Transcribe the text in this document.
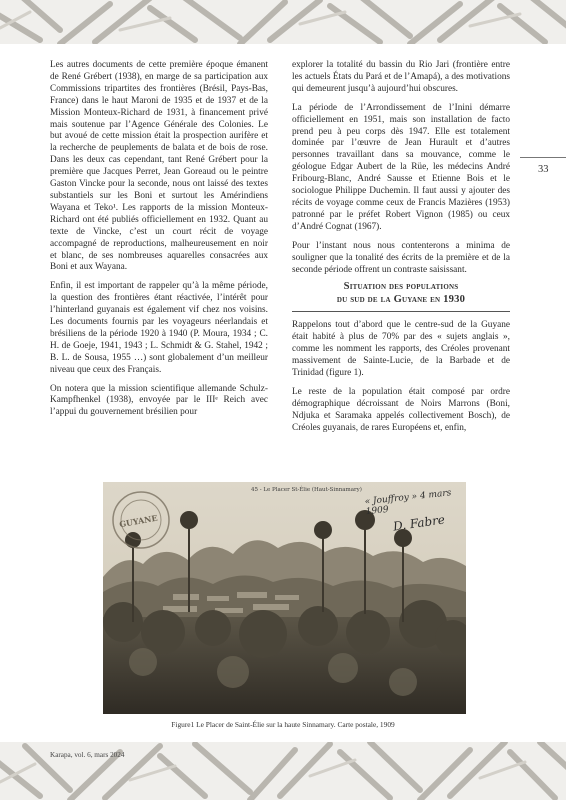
33

Les autres documents de cette première époque émanent de René Grébert (1938), en marge de sa participation aux Commissions tripartites des frontières (Brésil, Pays-Bas, France) dans le haut Maroni de 1935 et de 1937 et de la Mission Monteux-Richard de 1931, à financement privé mais soutenue par l’Agence Générale des Colonies. Le but avoué de cette mission était la prospection aurifère et la recherche de peuplements de balata et de bois de rose. Dans les deux cas cependant, tant René Grébert pour la première que Jacques Perret, Jean Goreaud ou le peintre Gaston Vincke pour la seconde, nous ont laissé des textes substantiels sur les Boni et surtout les Amérindiens Wayana et Teko¹. Les rapports de la mission Monteux-Richard ont été publiés officiellement en 1932. Quant au texte de Vincke, c’est un court récit de voyage accompagné de reproductions, malheureusement en noir et blanc, de ses nombreuses aquarelles consacrées aux Boni et aux Wayana.

Enfin, il est important de rappeler qu’à la même période, la question des frontières étant réactivée, l’intérêt pour l’hinterland guyanais est également vif chez nos voisins. Les documents fournis par les voyageurs néerlandais et brésiliens de la période 1920 à 1940 (P. Moura, 1934 ; C. H. de Goeje, 1941, 1943 ; L. Schmidt & G. Stahel, 1942 ; B. L. de Sousa, 1955 …) sont globalement d’un meilleur niveau que ceux des Français.

On notera que la mission scientifique allemande Schulz-Kampfhenkel (1938), envoyée par le IIIᵉ Reich avec l’appui du gouvernement brésilien pour

explorer la totalité du bassin du Rio Jari (frontière entre les actuels États du Pará et de l’Amapá), a des motivations qui demeurent jusqu’à aujourd’hui obscures.

La période de l’Arrondissement de l’Inini démarre officiellement en 1951, mais son installation de facto prend peu à peu corps dès 1947. Elle est totalement dominée par l’œuvre de Jean Hurault et d’autres personnes travaillant dans sa mouvance, comme le géologue Edgar Aubert de la Rüe, les médecins André Fribourg-Blanc, André Sausse et Etienne Bois et le sociologue Philippe Duchemin. Il faut aussi y ajouter des récits de voyage comme ceux de Francis Mazières (1953) patronné par le préfet Robert Vignon (1985) ou ceux d’André Cognat (1967).

Pour l’instant nous nous contenterons a minima de souligner que la tonalité des écrits de la première et de la seconde période offrent un contraste saisissant.

Situation des populations
du sud de la Guyane en 1930

Rappelons tout d’abord que le centre-sud de la Guyane était habité à plus de 70% par des « sujets anglais », comme les nomment les rapports, des Créoles provenant massivement de Sainte-Lucie, de la Barbade et de Trinidad (figure 1).

Le reste de la population était composé par ordre démographique décroissant de Noirs Marrons (Boni, Ndjuka et Saramaka appelés collectivement Bosch), de Créoles guyanais, de rares Européens et, enfin,

GUYANE
45 - Le Placer St-Élie (Haut-Sinnamary) « Jouffroy » 4 mars 1909
D. Fabre
Figure1 Le Placer de Saint-Élie sur la haute Sinnamary. Carte postale, 1909
Karapa, vol. 6, mars 2024
